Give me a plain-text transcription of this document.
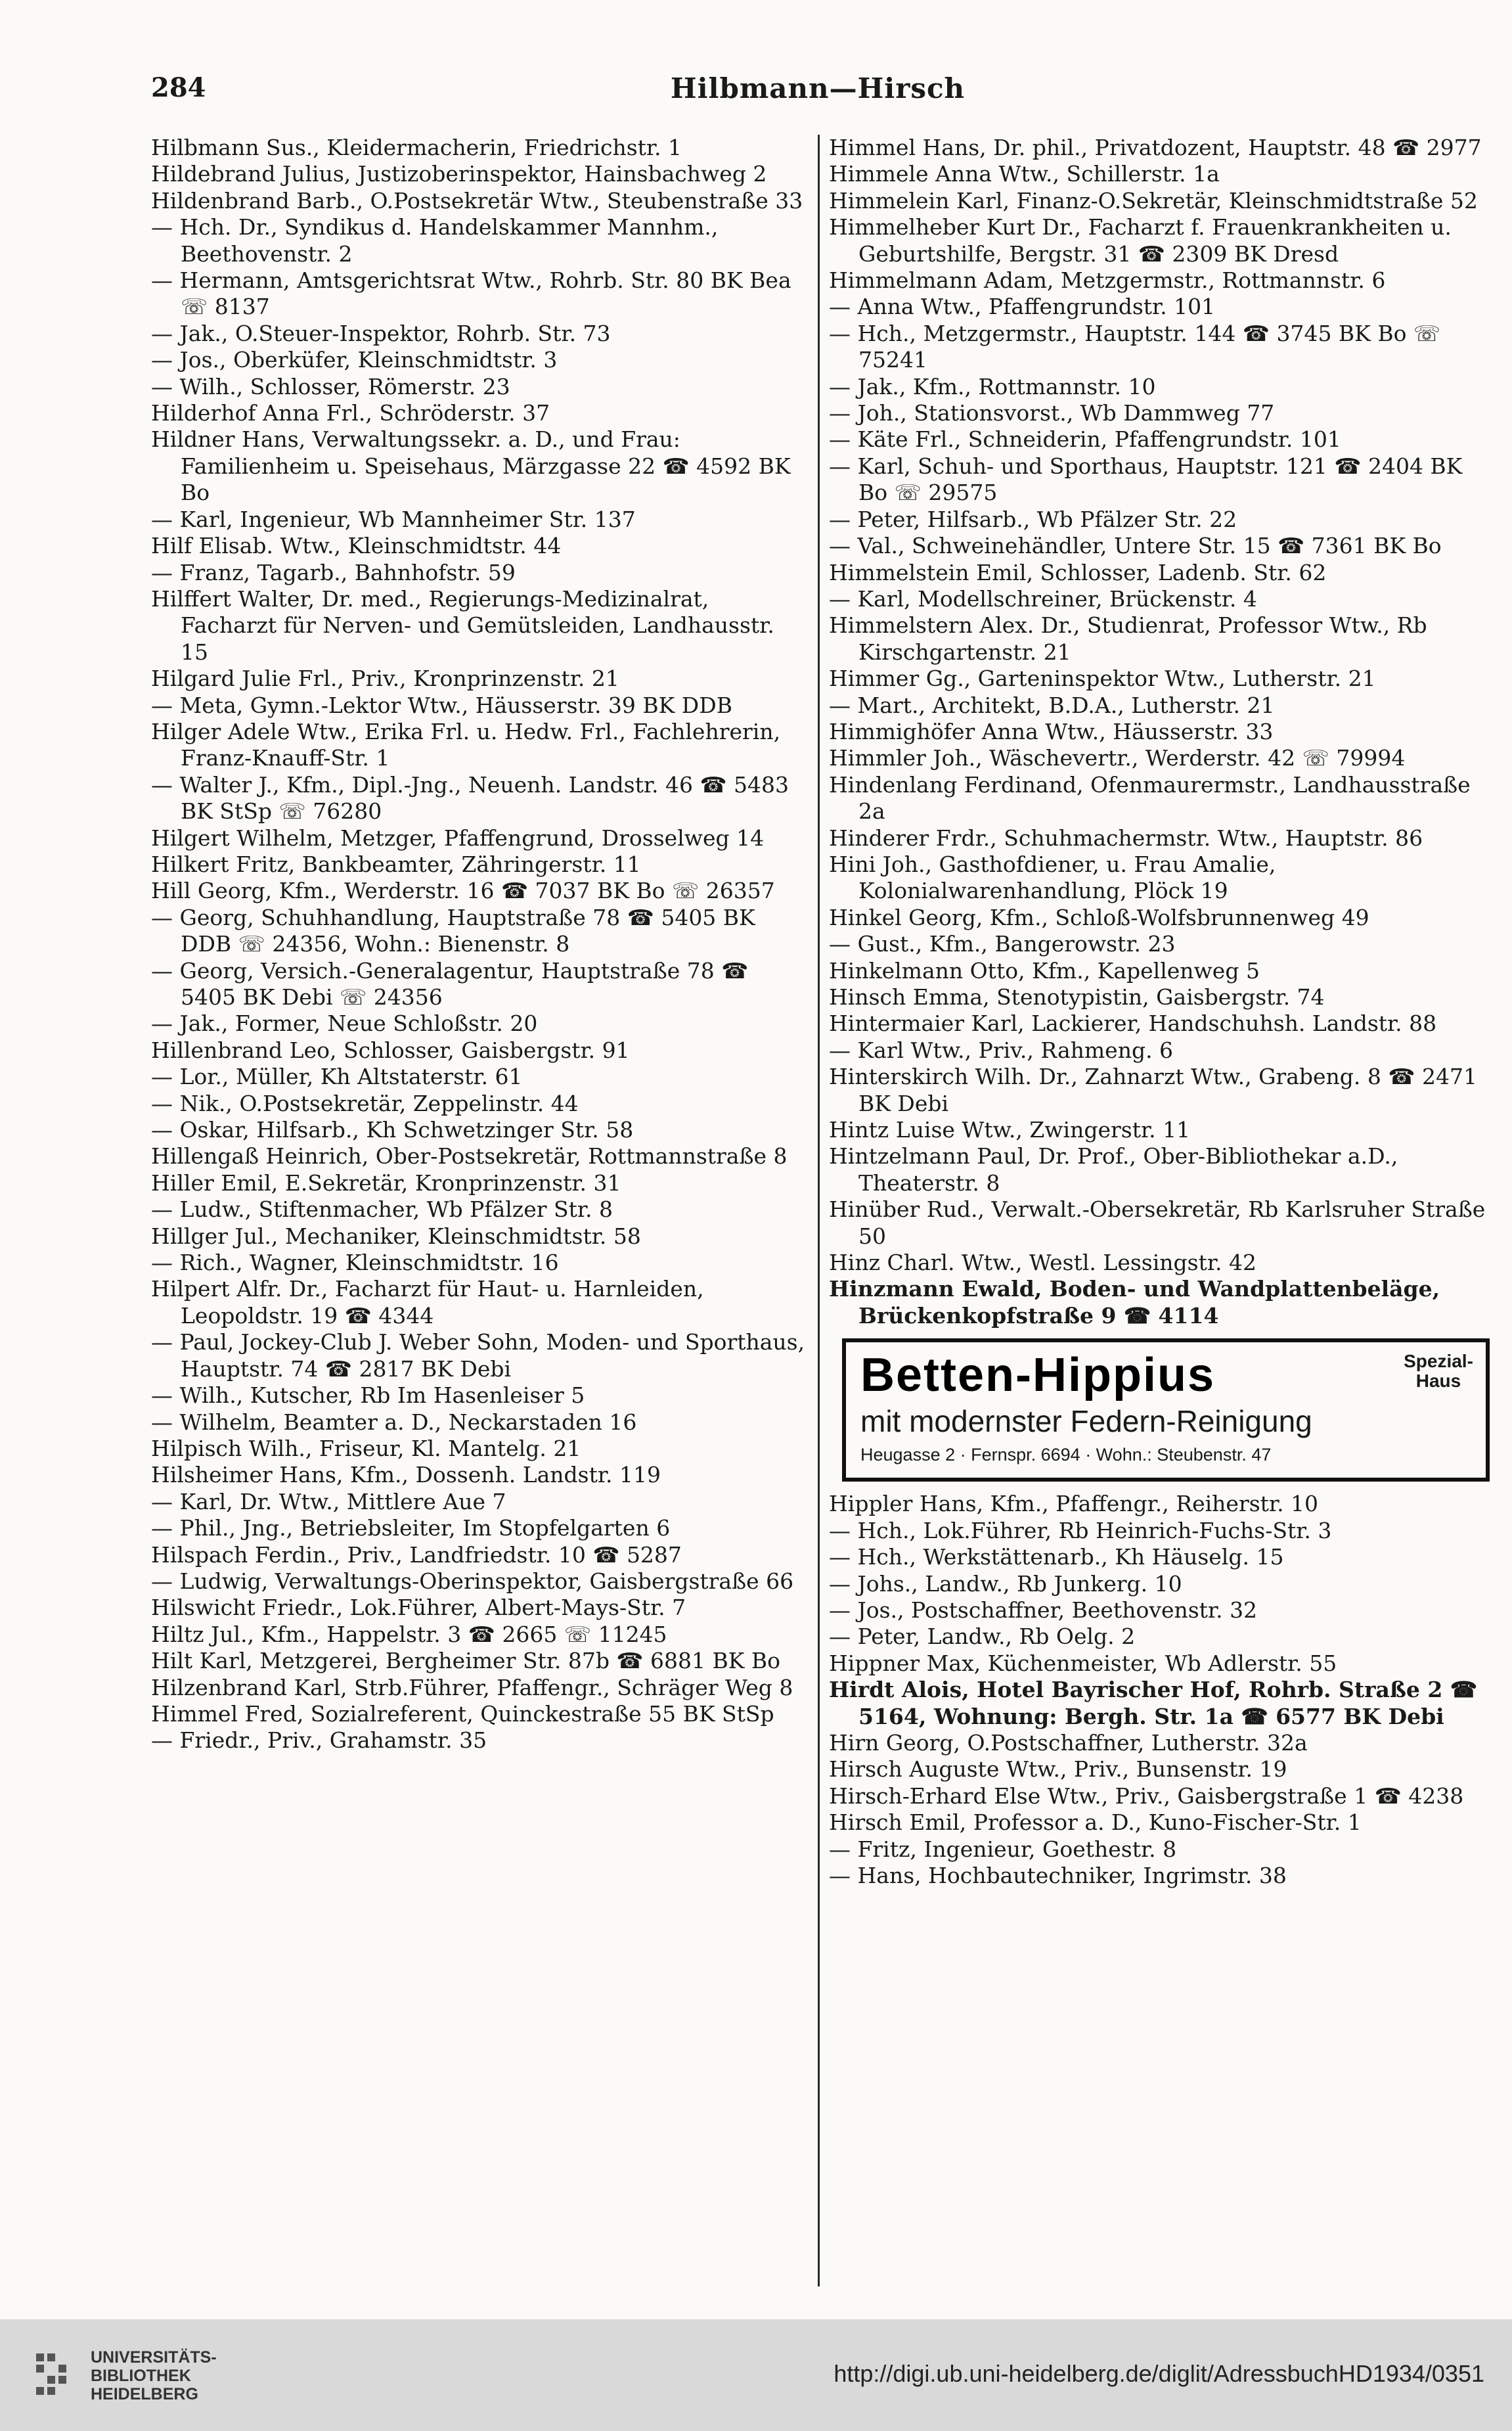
284	Hilbmann—Hirsch
Hilbmann Sus., Kleidermacherin, Friedrichstr. 1
Hildebrand Julius, Justizoberinspektor, Hainsbachweg 2
Hildenbrand Barb., O.Postsekretär Wtw., Steubenstraße 33
— Hch. Dr., Syndikus d. Handelskammer Mannhm., Beethovenstr. 2
— Hermann, Amtsgerichtsrat Wtw., Rohrb. Str. 80 BK Bea ☏ 8137
— Jak., O.Steuer-Inspektor, Rohrb. Str. 73
— Jos., Oberküfer, Kleinschmidtstr. 3
— Wilh., Schlosser, Römerstr. 23
Hilderhof Anna Frl., Schröderstr. 37
Hildner Hans, Verwaltungssekr. a. D., und Frau: Familienheim u. Speisehaus, Märzgasse 22 ☎ 4592 BK Bo
— Karl, Ingenieur, Wb Mannheimer Str. 137
Hilf Elisab. Wtw., Kleinschmidtstr. 44
— Franz, Tagarb., Bahnhofstr. 59
Hilffert Walter, Dr. med., Regierungs-Medizinalrat, Facharzt für Nerven- und Gemütsleiden, Landhausstr. 15
Hilgard Julie Frl., Priv., Kronprinzenstr. 21
— Meta, Gymn.-Lektor Wtw., Häusserstr. 39 BK DDB
Hilger Adele Wtw., Erika Frl. u. Hedw. Frl., Fachlehrerin, Franz-Knauff-Str. 1
— Walter J., Kfm., Dipl.-Jng., Neuenh. Landstr. 46 ☎ 5483 BK StSp ☏ 76280
Hilgert Wilhelm, Metzger, Pfaffengrund, Drosselweg 14
Hilkert Fritz, Bankbeamter, Zähringerstr. 11
Hill Georg, Kfm., Werderstr. 16 ☎ 7037 BK Bo ☏ 26357
— Georg, Schuhhandlung, Hauptstraße 78 ☎ 5405 BK DDB ☏ 24356, Wohn.: Bienenstr. 8
— Georg, Versich.-Generalagentur, Hauptstraße 78 ☎ 5405 BK Debi ☏ 24356
— Jak., Former, Neue Schloßstr. 20
Hillenbrand Leo, Schlosser, Gaisbergstr. 91
— Lor., Müller, Kh Altstaterstr. 61
— Nik., O.Postsekretär, Zeppelinstr. 44
— Oskar, Hilfsarb., Kh Schwetzinger Str. 58
Hillengaß Heinrich, Ober-Postsekretär, Rottmannstraße 8
Hiller Emil, E.Sekretär, Kronprinzenstr. 31
— Ludw., Stiftenmacher, Wb Pfälzer Str. 8
Hillger Jul., Mechaniker, Kleinschmidtstr. 58
— Rich., Wagner, Kleinschmidtstr. 16
Hilpert Alfr. Dr., Facharzt für Haut- u. Harnleiden, Leopoldstr. 19 ☎ 4344
— Paul, Jockey-Club J. Weber Sohn, Moden- und Sporthaus, Hauptstr. 74 ☎ 2817 BK Debi
— Wilh., Kutscher, Rb Im Hasenleiser 5
— Wilhelm, Beamter a. D., Neckarstaden 16
Hilpisch Wilh., Friseur, Kl. Mantelg. 21
Hilsheimer Hans, Kfm., Dossenh. Landstr. 119
— Karl, Dr. Wtw., Mittlere Aue 7
— Phil., Jng., Betriebsleiter, Im Stopfelgarten 6
Hilspach Ferdin., Priv., Landfriedstr. 10 ☎ 5287
— Ludwig, Verwaltungs-Oberinspektor, Gaisbergstraße 66
Hilswicht Friedr., Lok.Führer, Albert-Mays-Str. 7
Hiltz Jul., Kfm., Happelstr. 3 ☎ 2665 ☏ 11245
Hilt Karl, Metzgerei, Bergheimer Str. 87b ☎ 6881 BK Bo
Hilzenbrand Karl, Strb.Führer, Pfaffengr., Schräger Weg 8
Himmel Fred, Sozialreferent, Quinckestraße 55 BK StSp
— Friedr., Priv., Grahamstr. 35
Himmel Hans, Dr. phil., Privatdozent, Hauptstr. 48 ☎ 2977
Himmele Anna Wtw., Schillerstr. 1a
Himmelein Karl, Finanz-O.Sekretär, Kleinschmidtstraße 52
Himmelheber Kurt Dr., Facharzt f. Frauenkrankheiten u. Geburtshilfe, Bergstr. 31 ☎ 2309 BK Dresd
Himmelmann Adam, Metzgermstr., Rottmannstr. 6
— Anna Wtw., Pfaffengrundstr. 101
— Hch., Metzgermstr., Hauptstr. 144 ☎ 3745 BK Bo ☏ 75241
— Jak., Kfm., Rottmannstr. 10
— Joh., Stationsvorst., Wb Dammweg 77
— Käte Frl., Schneiderin, Pfaffengrundstr. 101
— Karl, Schuh- und Sporthaus, Hauptstr. 121 ☎ 2404 BK Bo ☏ 29575
— Peter, Hilfsarb., Wb Pfälzer Str. 22
— Val., Schweinehändler, Untere Str. 15 ☎ 7361 BK Bo
Himmelstein Emil, Schlosser, Ladenb. Str. 62
— Karl, Modellschreiner, Brückenstr. 4
Himmelstern Alex. Dr., Studienrat, Professor Wtw., Rb Kirschgartenstr. 21
Himmer Gg., Garteninspektor Wtw., Lutherstr. 21
— Mart., Architekt, B.D.A., Lutherstr. 21
Himmighöfer Anna Wtw., Häusserstr. 33
Himmler Joh., Wäschevertr., Werderstr. 42 ☏ 79994
Hindenlang Ferdinand, Ofenmaurermstr., Landhausstraße 2a
Hinderer Frdr., Schuhmachermstr. Wtw., Hauptstr. 86
Hini Joh., Gasthofdiener, u. Frau Amalie, Kolonialwarenhandlung, Plöck 19
Hinkel Georg, Kfm., Schloß-Wolfsbrunnenweg 49
— Gust., Kfm., Bangerowstr. 23
Hinkelmann Otto, Kfm., Kapellenweg 5
Hinsch Emma, Stenotypistin, Gaisbergstr. 74
Hintermaier Karl, Lackierer, Handschuhsh. Landstr. 88
— Karl Wtw., Priv., Rahmeng. 6
Hinterskirch Wilh. Dr., Zahnarzt Wtw., Grabeng. 8 ☎ 2471 BK Debi
Hintz Luise Wtw., Zwingerstr. 11
Hintzelmann Paul, Dr. Prof., Ober-Bibliothekar a.D., Theaterstr. 8
Hinüber Rud., Verwalt.-Obersekretär, Rb Karlsruher Straße 50
Hinz Charl. Wtw., Westl. Lessingstr. 42
Hinzmann Ewald, Boden- und Wandplattenbeläge, Brückenkopfstraße 9 ☎ 4114
Betten-Hippius	Spezial-
Haus
mit modernster Federn-Reinigung
Heugasse 2 · Fernspr. 6694 · Wohn.: Steubenstr. 47
Hippler Hans, Kfm., Pfaffengr., Reiherstr. 10
— Hch., Lok.Führer, Rb Heinrich-Fuchs-Str. 3
— Hch., Werkstättenarb., Kh Häuselg. 15
— Johs., Landw., Rb Junkerg. 10
— Jos., Postschaffner, Beethovenstr. 32
— Peter, Landw., Rb Oelg. 2
Hippner Max, Küchenmeister, Wb Adlerstr. 55
Hirdt Alois, Hotel Bayrischer Hof, Rohrb. Straße 2 ☎ 5164, Wohnung: Bergh. Str. 1a ☎ 6577 BK Debi
Hirn Georg, O.Postschaffner, Lutherstr. 32a
Hirsch Auguste Wtw., Priv., Bunsenstr. 19
Hirsch-Erhard Else Wtw., Priv., Gaisbergstraße 1 ☎ 4238
Hirsch Emil, Professor a. D., Kuno-Fischer-Str. 1
— Fritz, Ingenieur, Goethestr. 8
— Hans, Hochbautechniker, Ingrimstr. 38
UNIVERSITÄTS-
BIBLIOTHEK
HEIDELBERG
http://digi.ub.uni-heidelberg.de/diglit/AdressbuchHD1934/0351
